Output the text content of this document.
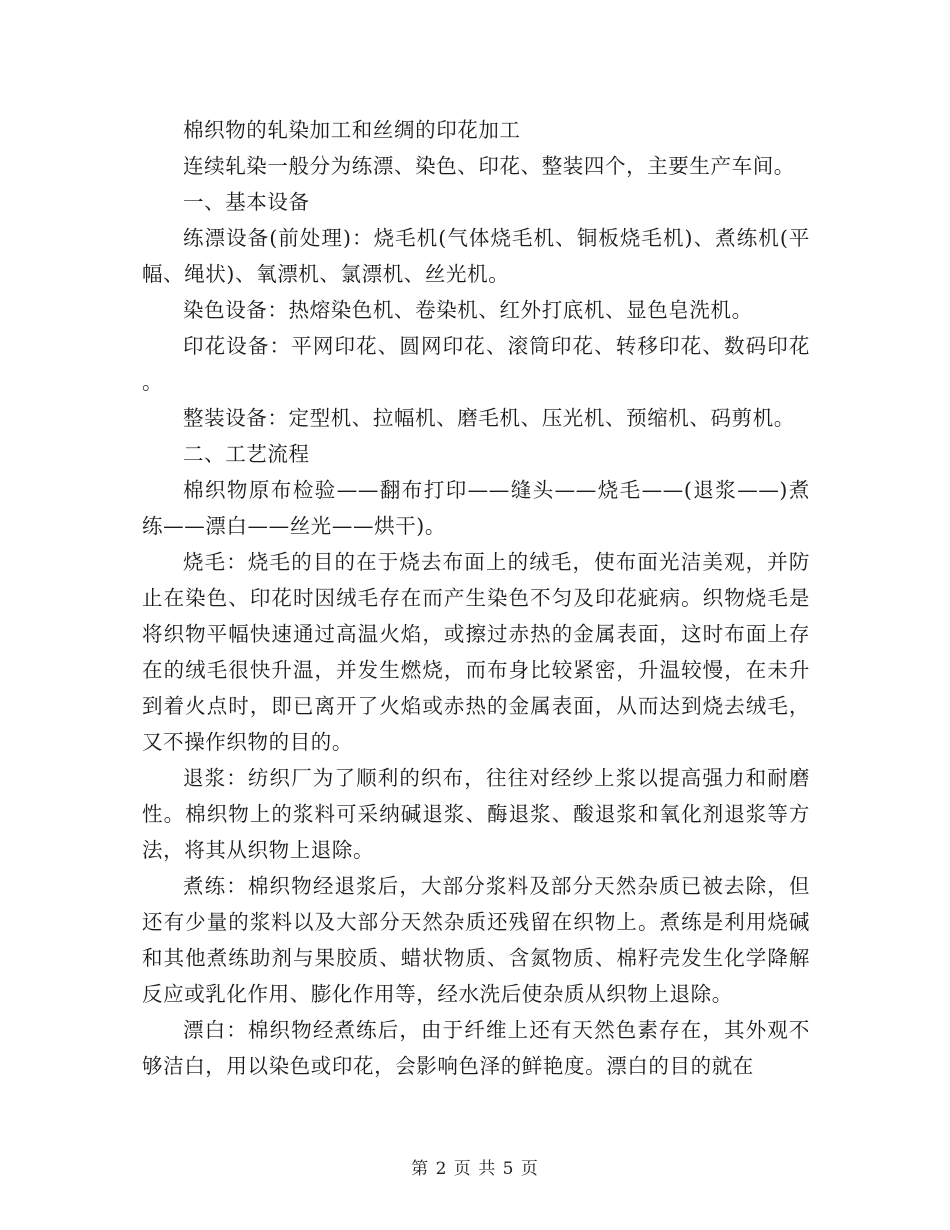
棉织物的轧染加工和丝绸的印花加工

连续轧染一般分为练漂、染色、印花、整装四个，主要生产车间。

一、基本设备

练漂设备(前处理)：烧毛机(气体烧毛机、铜板烧毛机)、煮练机(平幅、绳状)、氧漂机、氯漂机、丝光机。

染色设备：热熔染色机、卷染机、红外打底机、显色皂洗机。

印花设备：平网印花、圆网印花、滚筒印花、转移印花、数码印花。

整装设备：定型机、拉幅机、磨毛机、压光机、预缩机、码剪机。

二、工艺流程

棉织物原布检验——翻布打印——缝头——烧毛——(退浆——)煮练——漂白——丝光——烘干)。

烧毛：烧毛的目的在于烧去布面上的绒毛，使布面光洁美观，并防止在染色、印花时因绒毛存在而产生染色不匀及印花疵病。织物烧毛是将织物平幅快速通过高温火焰，或擦过赤热的金属表面，这时布面上存在的绒毛很快升温，并发生燃烧，而布身比较紧密，升温较慢，在未升到着火点时，即已离开了火焰或赤热的金属表面，从而达到烧去绒毛，又不操作织物的目的。

退浆：纺织厂为了顺利的织布，往往对经纱上浆以提高强力和耐磨性。棉织物上的浆料可采纳碱退浆、酶退浆、酸退浆和氧化剂退浆等方法，将其从织物上退除。

煮练：棉织物经退浆后，大部分浆料及部分天然杂质已被去除，但还有少量的浆料以及大部分天然杂质还残留在织物上。煮练是利用烧碱和其他煮练助剂与果胶质、蜡状物质、含氮物质、棉籽壳发生化学降解反应或乳化作用、膨化作用等，经水洗后使杂质从织物上退除。

漂白：棉织物经煮练后，由于纤维上还有天然色素存在，其外观不够洁白，用以染色或印花，会影响色泽的鲜艳度。漂白的目的就在

第 2 页 共 5 页
